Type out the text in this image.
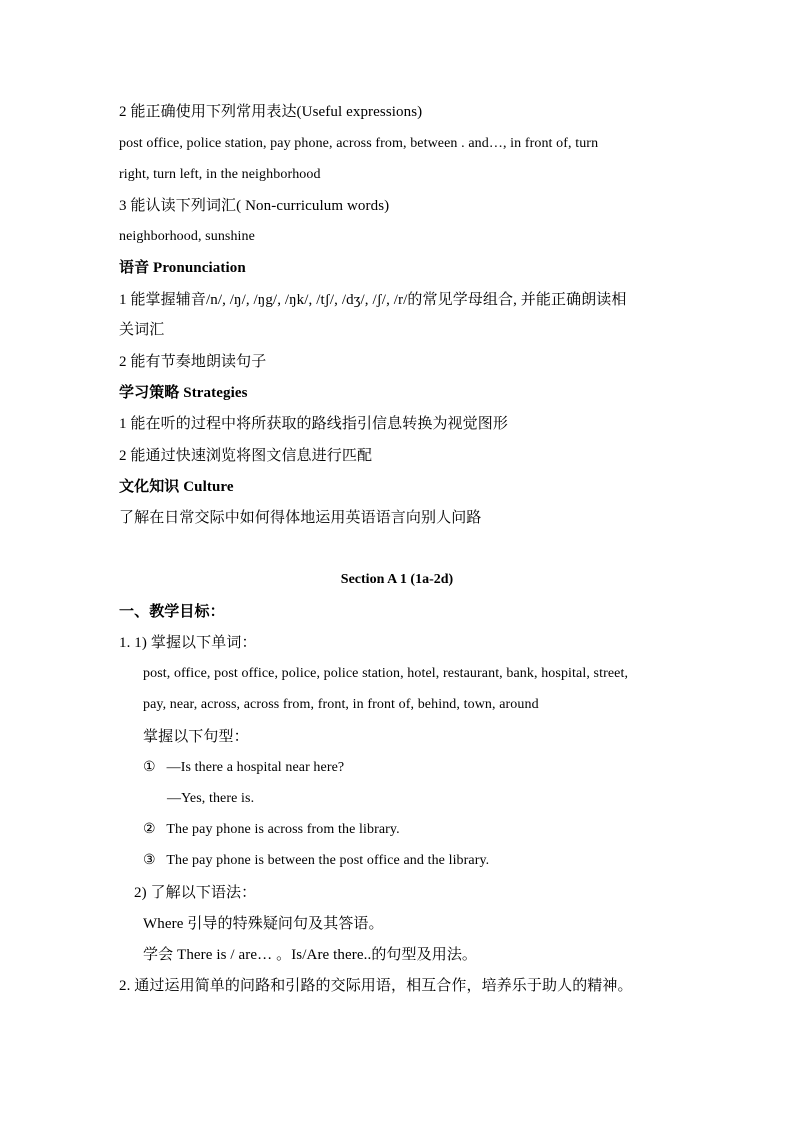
2 能正确使用下列常用表达(Useful expressions)
post office, police station, pay phone, across from, between . and…, in front of, turn
right, turn left, in the neighborhood
3 能认读下列词汇( Non-curriculum words)
neighborhood, sunshine
语音 Pronunciation
1 能掌握辅音/n/, /ŋ/, /ŋg/, /ŋk/, /tʃ/, /dʒ/, /ʃ/, /r/的常见学母组合, 并能正确朗读相
关词汇
2 能有节奏地朗读句子
学习策略 Strategies
1 能在听的过程中将所获取的路线指引信息转换为视觉图形
2 能通过快速浏览将图文信息进行匹配
文化知识 Culture
了解在日常交际中如何得体地运用英语语言向别人问路
Section A 1 (1a-2d)
一、教学目标：
1. 1) 掌握以下单词：
post, office, post office, police, police station, hotel, restaurant, bank, hospital, street,
pay, near, across, across from, front, in front of, behind, town, around
掌握以下句型：
① —Is there a hospital near here?
—Yes, there is.
② The pay phone is across from the library.
③ The pay phone is between the post office and the library.
2) 了解以下语法：
Where 引导的特殊疑问句及其答语。
学会 There is / are… 。Is/Are there..的句型及用法。
2. 通过运用简单的问路和引路的交际用语，相互合作，培养乐于助人的精神。
